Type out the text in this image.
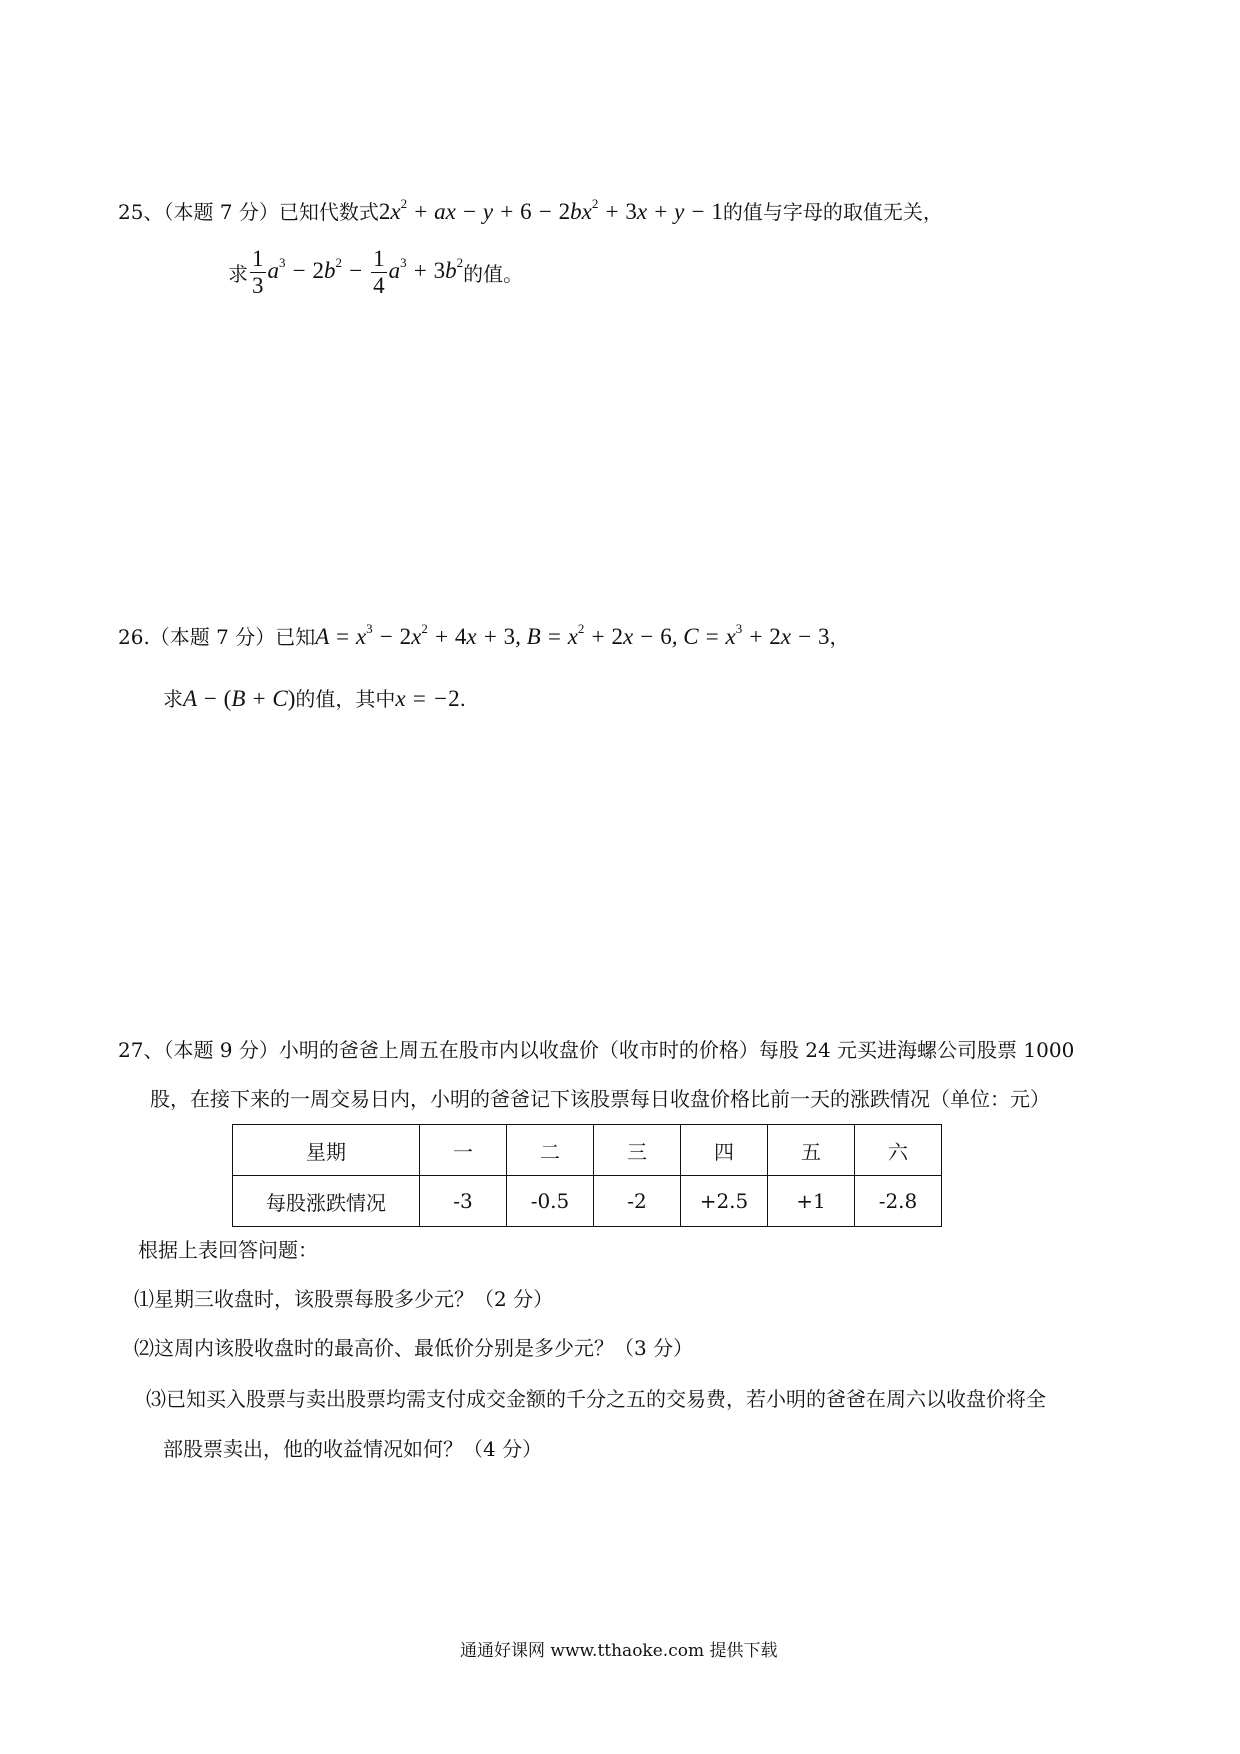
25、（本题 7 分）已知代数式$2x^2$ + ax − $y + 6 - 2bx^2 + 3x + y - 1$的值与字母的取值无关，
求 $\frac{1}{3} a^3 - 2b^2 - \frac{1}{4} a^3 + 3b^2$的值。
26.（本题 7 分）已知$A = x^3 - 2x^2 + 4x + 3$, $B = x^2 + 2x - 6$, $C = x^3 + 2x - 3$，
求A − (B + C)的值，其中x = −2.
27、（本题 9 分）小明的爸爸上周五在股市内以收盘价（收市时的价格）每股 24 元买进海螺公司股票 1000
股，在接下来的一周交易日内，小明的爸爸记下该股票每日收盘价格比前一天的涨跌情况（单位：元）
星期	一	二	三	四	五	六
每股涨跌情况	-3	-0.5	-2	+2.5	+1	-2.8
根据上表回答问题：
⑴星期三收盘时，该股票每股多少元？（2 分）
⑵这周内该股收盘时的最高价、最低价分别是多少元？（3 分）
⑶已知买入股票与卖出股票均需支付成交金额的千分之五的交易费，若小明的爸爸在周六以收盘价将全
部股票卖出，他的收益情况如何？（4 分）
通通好课网 www.tthaoke.com 提供下载
